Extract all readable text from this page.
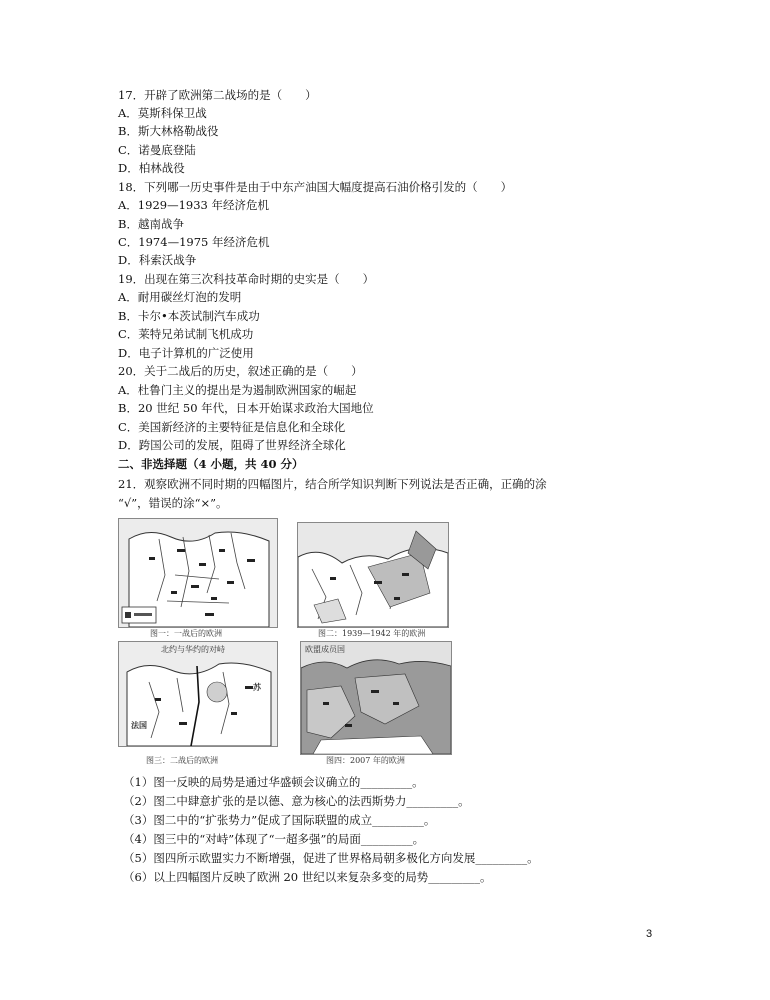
17．开辟了欧洲第二战场的是（　　）
A．莫斯科保卫战
B．斯大林格勒战役
C．诺曼底登陆
D．柏林战役
18．下列哪一历史事件是由于中东产油国大幅度提高石油价格引发的（　　）
A．1929—1933 年经济危机
B．越南战争
C．1974—1975 年经济危机
D．科索沃战争
19．出现在第三次科技革命时期的史实是（　　）
A．耐用碳丝灯泡的发明
B．卡尔•本茨试制汽车成功
C．莱特兄弟试制飞机成功
D．电子计算机的广泛使用
20．关于二战后的历史，叙述正确的是（　　）
A．杜鲁门主义的提出是为遏制欧洲国家的崛起
B．20 世纪 50 年代，日本开始谋求政治大国地位
C．美国新经济的主要特征是信息化和全球化
D．跨国公司的发展，阻碍了世界经济全球化
二、非选择题（4 小题，共 40 分）
21．观察欧洲不同时期的四幅图片，结合所学知识判断下列说法是否正确，正确的涂
“√”，错误的涂“×”。
图一：一战后的欧洲	图二：1939—1942 年的欧洲
北约与华约的对峙
法国
苏
图三：二战后的欧洲
欧盟成员国
图四：2007 年的欧洲
（1）图一反映的局势是通过华盛顿会议确立的_________。
（2）图二中肆意扩张的是以德、意为核心的法西斯势力_________。
（3）图二中的“扩张势力”促成了国际联盟的成立_________。
（4）图三中的“对峙”体现了“一超多强”的局面_________。
（5）图四所示欧盟实力不断增强，促进了世界格局朝多极化方向发展_________。
（6）以上四幅图片反映了欧洲 20 世纪以来复杂多变的局势_________。
3
